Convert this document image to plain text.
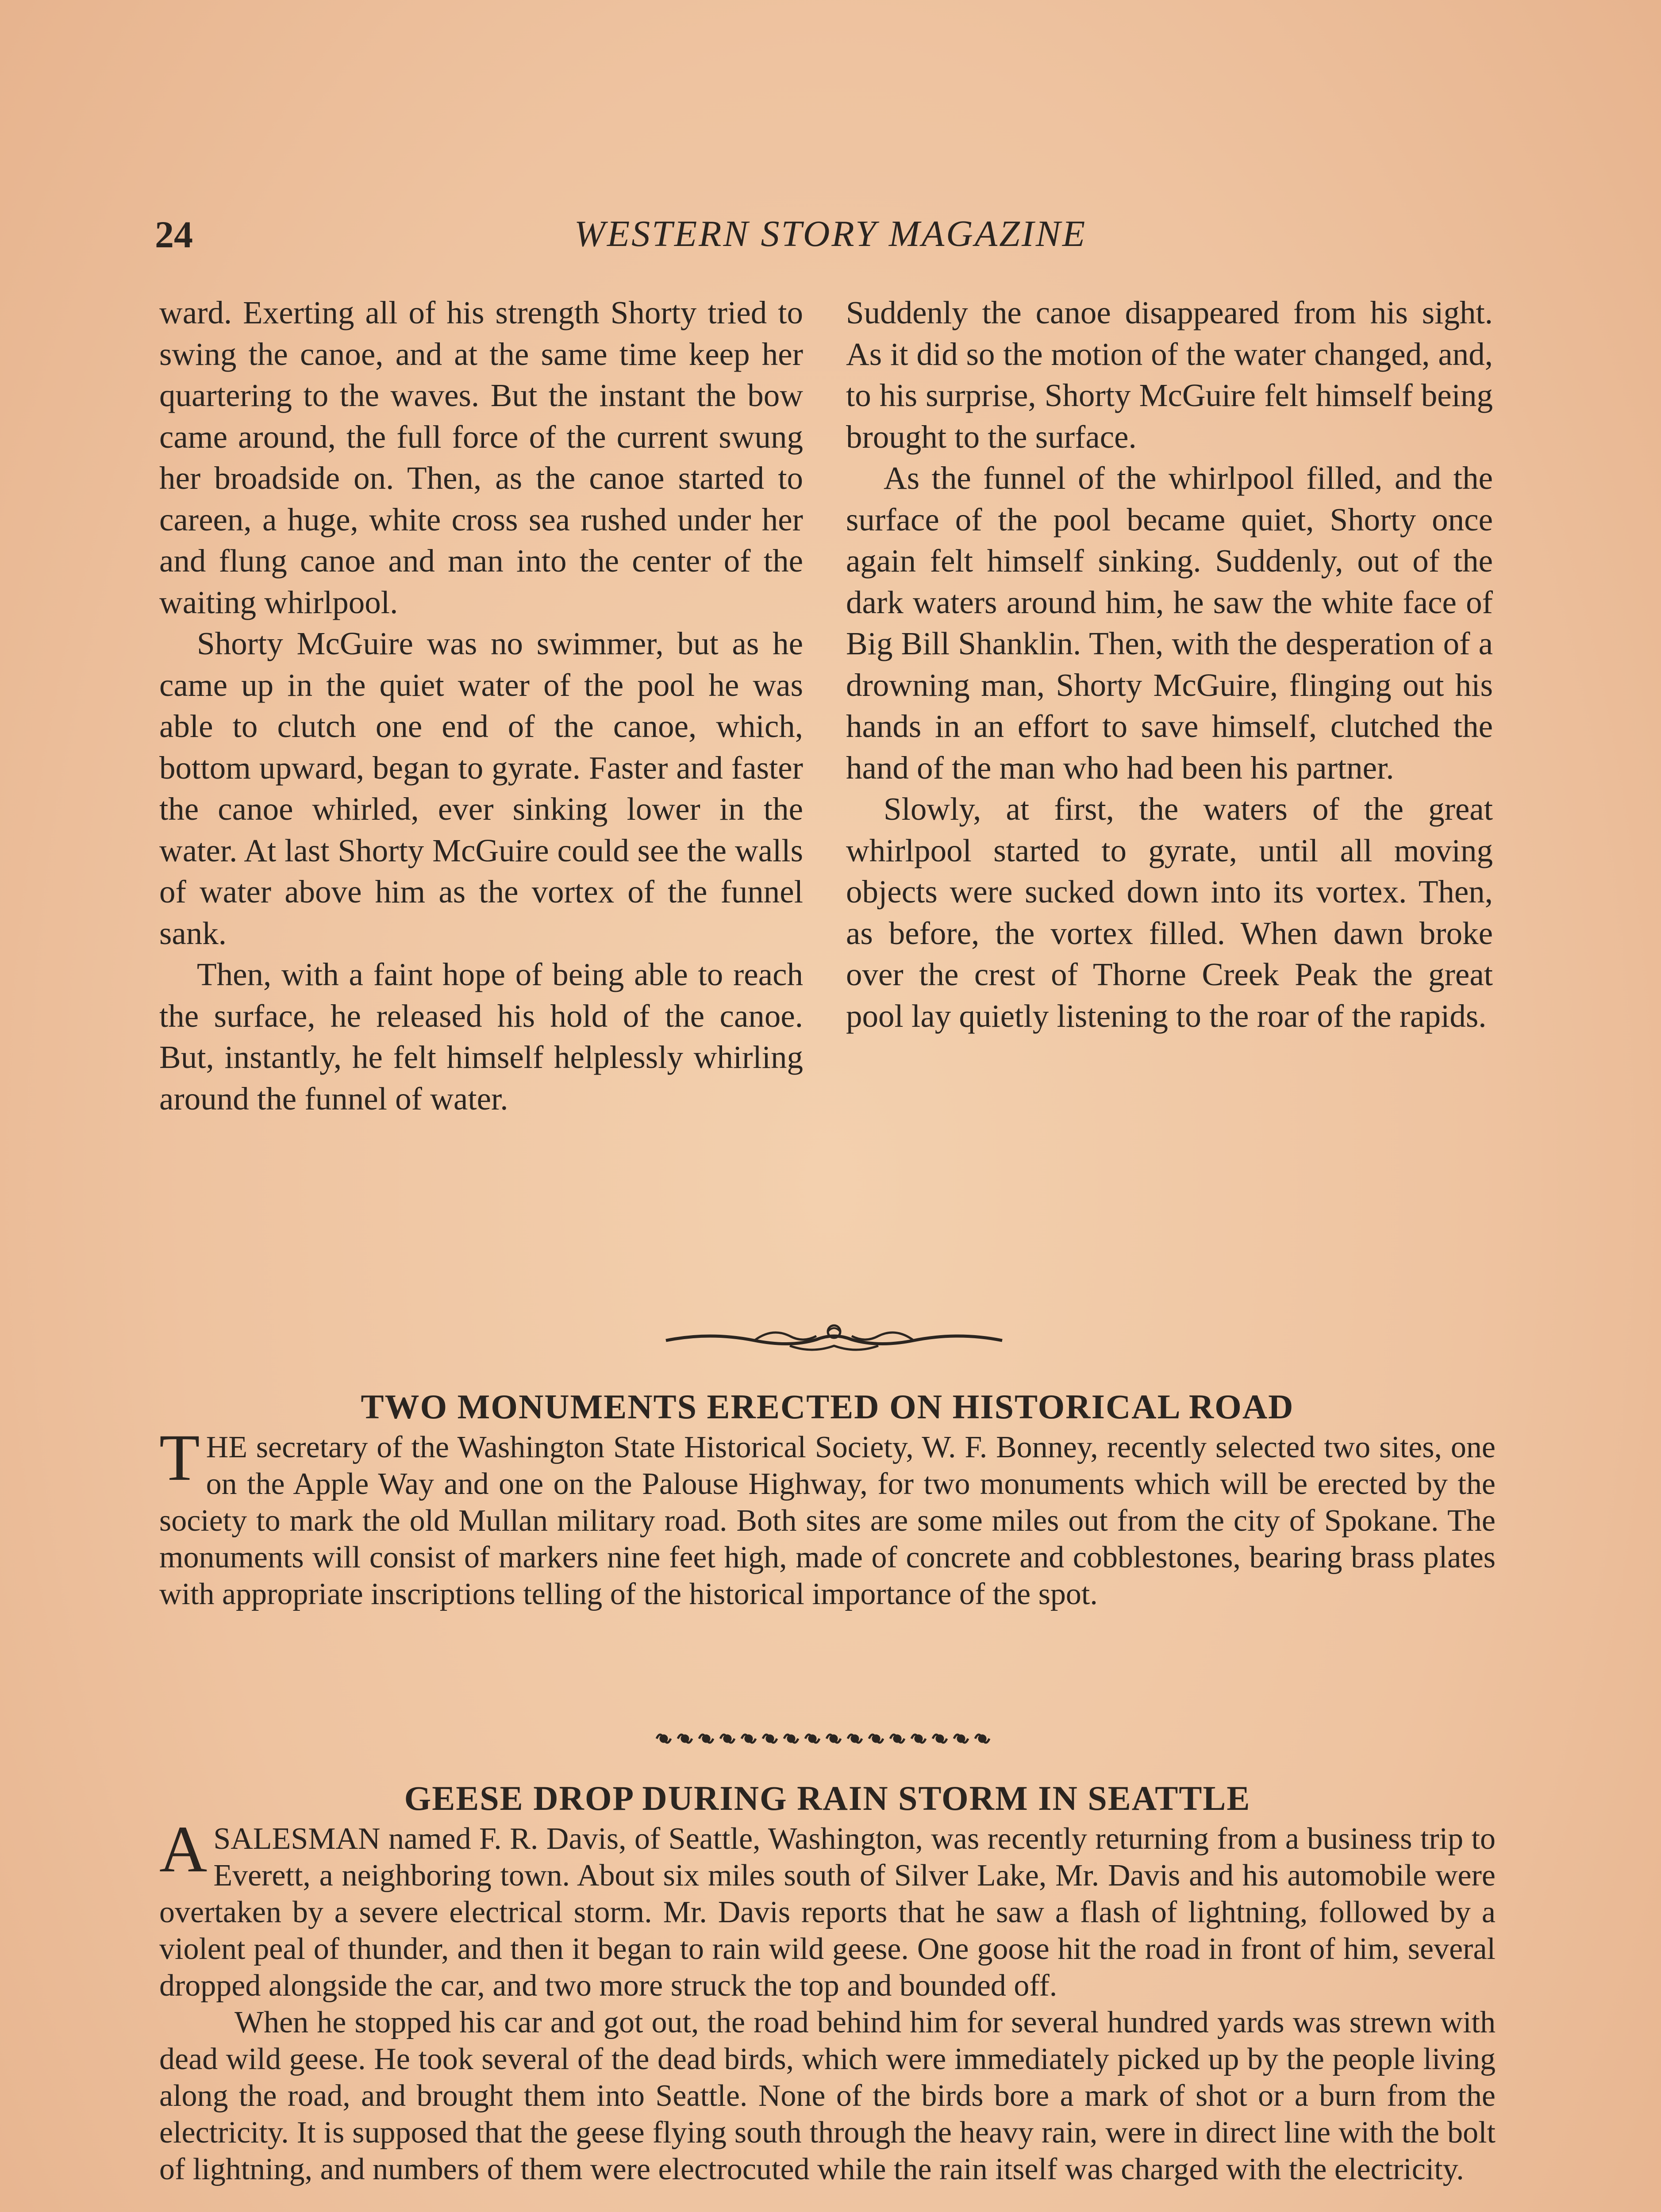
WESTERN STORY MAGAZINE
24

ward. Exerting all of his strength Shorty tried to swing the canoe, and at the same time keep her quartering to the waves. But the instant the bow came around, the full force of the current swung her broadside on. Then, as the canoe started to careen, a huge, white cross sea rushed under her and flung canoe and man into the center of the waiting whirlpool.

Shorty McGuire was no swimmer, but as he came up in the quiet water of the pool he was able to clutch one end of the canoe, which, bottom upward, began to gyrate. Faster and faster the canoe whirled, ever sinking lower in the water. At last Shorty McGuire could see the walls of water above him as the vortex of the funnel sank.

Then, with a faint hope of being able to reach the surface, he released his hold of the canoe. But, instantly, he felt himself helplessly whirling around the funnel of water.

Suddenly the canoe disappeared from his sight. As it did so the motion of the water changed, and, to his surprise, Shorty McGuire felt himself being brought to the surface.

As the funnel of the whirlpool filled, and the surface of the pool became quiet, Shorty once again felt himself sinking. Suddenly, out of the dark waters around him, he saw the white face of Big Bill Shanklin. Then, with the desperation of a drowning man, Shorty McGuire, flinging out his hands in an effort to save himself, clutched the hand of the man who had been his partner.

Slowly, at first, the waters of the great whirlpool started to gyrate, until all moving objects were sucked down into its vortex. Then, as before, the vortex filled. When dawn broke over the crest of Thorne Creek Peak the great pool lay quietly listening to the roar of the rapids.

TWO MONUMENTS ERECTED ON HISTORICAL ROAD
T HE secretary of the Washington State Historical Society, W. F. Bonney, recently selected two sites, one on the Apple Way and one on the Palouse Highway, for two monuments which will be erected by the society to mark the old Mullan military road. Both sites are some miles out from the city of Spokane. The monuments will consist of markers nine feet high, made of concrete and cobblestones, bearing brass plates with appropriate inscriptions telling of the historical importance of the spot.

GEESE DROP DURING RAIN STORM IN SEATTLE
A SALESMAN named F. R. Davis, of Seattle, Washington, was recently returning from a business trip to Everett, a neighboring town. About six miles south of Silver Lake, Mr. Davis and his automobile were overtaken by a severe electrical storm. Mr. Davis reports that he saw a flash of lightning, followed by a violent peal of thunder, and then it began to rain wild geese. One goose hit the road in front of him, several dropped alongside the car, and two more struck the top and bounded off.

When he stopped his car and got out, the road behind him for several hundred yards was strewn with dead wild geese. He took several of the dead birds, which were immediately picked up by the people living along the road, and brought them into Seattle. None of the birds bore a mark of shot or a burn from the electricity. It is supposed that the geese flying south through the heavy rain, were in direct line with the bolt of lightning, and numbers of them were electrocuted while the rain itself was charged with the electricity.
